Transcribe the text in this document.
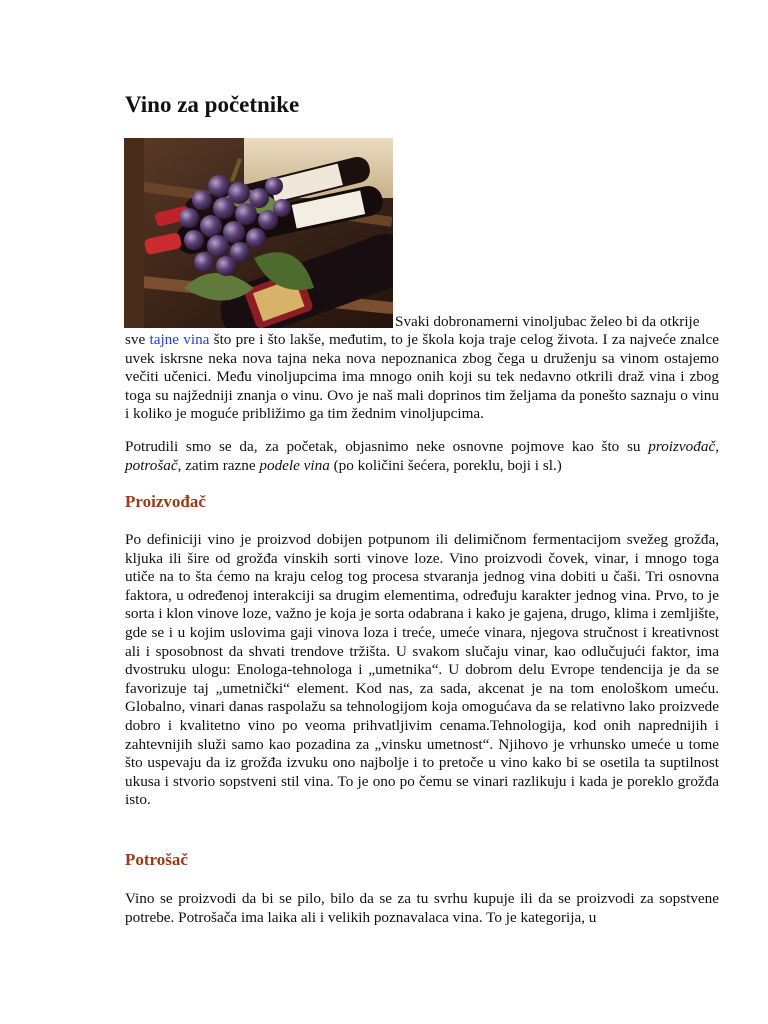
Vino za početnike

Svaki dobronamerni vinoljubac želeo bi da otkrije

sve tajne vina što pre i što lakše, međutim, to je škola koja traje celog života. I za najveće znalce uvek iskrsne neka nova tajna neka nova nepoznanica zbog čega u druženju sa vinom ostajemo večiti učenici. Među vinoljupcima ima mnogo onih koji su tek nedavno otkrili draž vina i zbog toga su najžedniji znanja o vinu. Ovo je naš mali doprinos tim željama da ponešto saznaju o vinu i koliko je moguće približimo ga tim žednim vinoljupcima.

Potrudili smo se da, za početak, objasnimo neke osnovne pojmove kao što su proizvođač, potrošač, zatim razne podele vina (po količini šećera, poreklu, boji i sl.)

Proizvođač

Po definiciji vino je proizvod dobijen potpunom ili delimičnom fermentacijom svežeg grožđa, kljuka ili šire od grožđa vinskih sorti vinove loze. Vino proizvodi čovek, vinar, i mnogo toga utiče na to šta ćemo na kraju celog tog procesa stvaranja jednog vina dobiti u čaši. Tri osnovna faktora, u određenoj interakciji sa drugim elementima, određuju karakter jednog vina. Prvo, to je sorta i klon vinove loze, važno je koja je sorta odabrana i kako je gajena, drugo, klima i zemljište, gde se i u kojim uslovima gaji vinova loza i treće, umeće vinara, njegova stručnost i kreativnost ali i sposobnost da shvati trendove tržišta. U svakom slučaju vinar, kao odlučujući faktor, ima dvostruku ulogu: Enologa-tehnologa i „umetnika“. U dobrom delu Evrope tendencija je da se favorizuje taj „umetnički“ element. Kod nas, za sada, akcenat je na tom enološkom umeću. Globalno, vinari danas raspolažu sa tehnologijom koja omogućava da se relativno lako proizvede dobro i kvalitetno vino po veoma prihvatljivim cenama.Tehnologija, kod onih naprednijih i zahtevnijih služi samo kao pozadina za „vinsku umetnost“. Njihovo je vrhunsko umeće u tome što uspevaju da iz grožđa izvuku ono najbolje i to pretoče u vino kako bi se osetila ta suptilnost ukusa i stvorio sopstveni stil vina. To je ono po čemu se vinari razlikuju i kada je poreklo grožđa isto.

Potrošač

Vino se proizvodi da bi se pilo, bilo da se za tu svrhu kupuje ili da se proizvodi za sopstvene potrebe. Potrošača ima laika ali i velikih poznavalaca vina. To je kategorija, u
